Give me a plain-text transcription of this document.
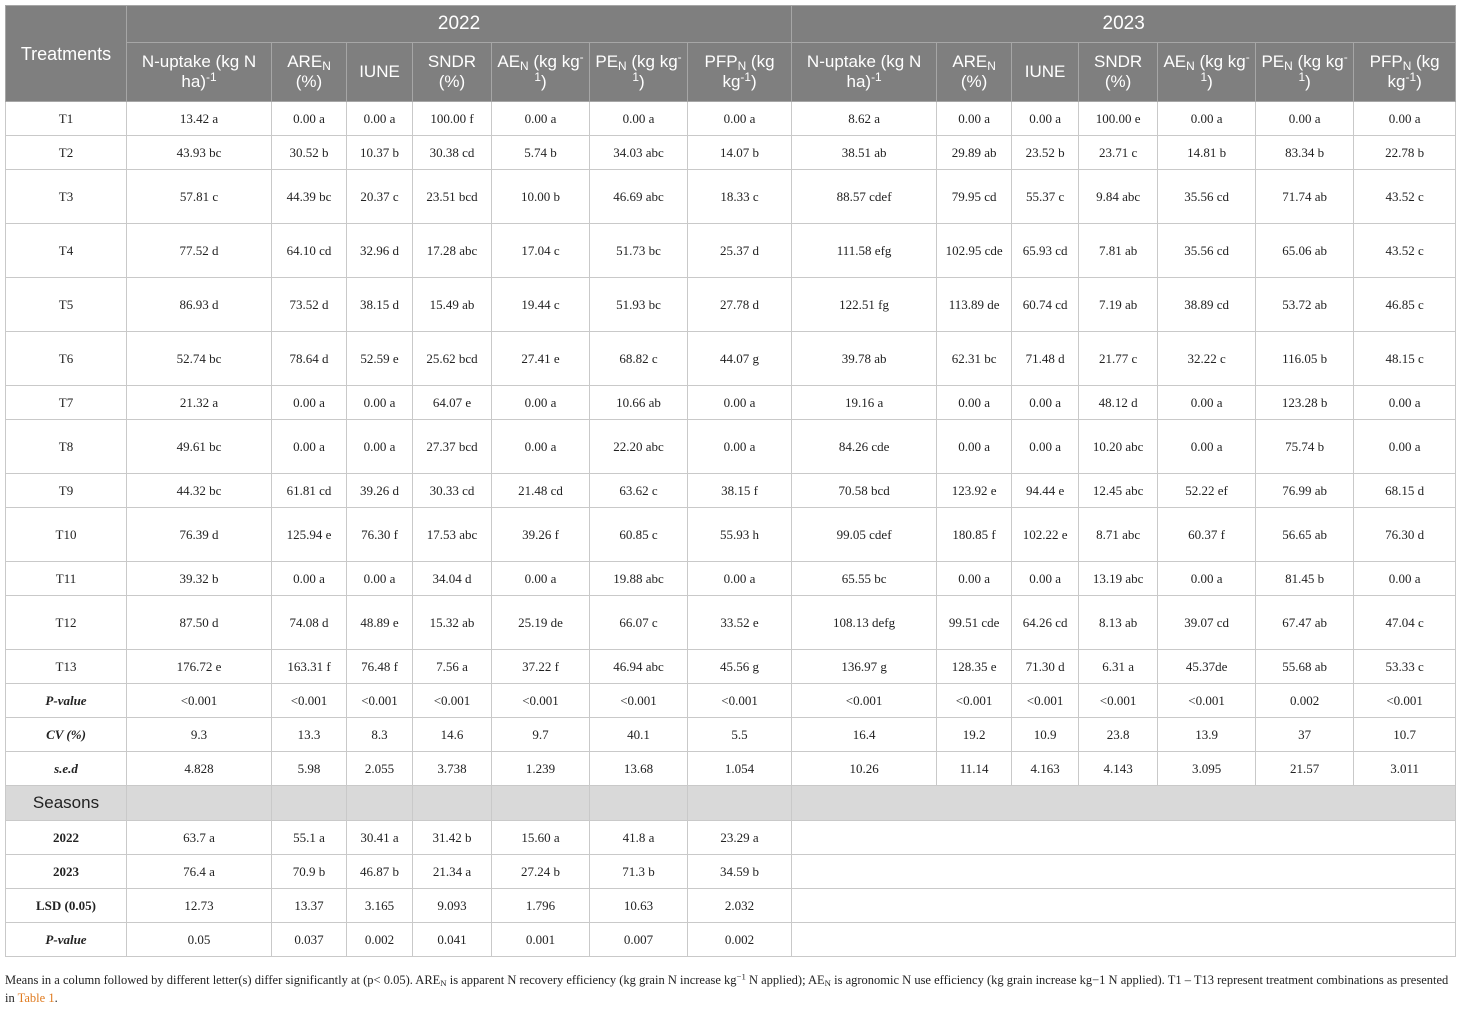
Treatments	2022							2023						
	N-uptake (kg N ha)$^{-1}$	$ARE_N$ (%)	IUNE	SNDR (%)	$AE_N$ (kg $kg^{-1}$)	$PE_N$ (kg $kg^{-1}$)	$PFP_N$ (kg $kg^{-1}$)	N-uptake (kg N ha)$^{-1}$	$ARE_N$ (%)	IUNE	SNDR (%)	$AE_N$ (kg $kg^{-1}$)	$PE_N$ (kg $kg^{-1}$)	$PFP_N$ (kg $kg^{-1}$)
T1	13.42 a	0.00 a	0.00 a	100.00 f	0.00 a	0.00 a	0.00 a	8.62 a	0.00 a	0.00 a	100.00 e	0.00 a	0.00 a	0.00 a
T2	43.93 bc	30.52 b	10.37 b	30.38 cd	5.74 b	34.03 abc	14.07 b	38.51 ab	29.89 ab	23.52 b	23.71 c	14.81 b	83.34 b	22.78 b
T3	57.81 c	44.39 bc	20.37 c	23.51 bcd	10.00 b	46.69 abc	18.33 c	88.57 cdef	79.95 cd	55.37 c	9.84 abc	35.56 cd	71.74 ab	43.52 c
T4	77.52 d	64.10 cd	32.96 d	17.28 abc	17.04 c	51.73 bc	25.37 d	111.58 efg	102.95 cde	65.93 cd	7.81 ab	35.56 cd	65.06 ab	43.52 c
T5	86.93 d	73.52 d	38.15 d	15.49 ab	19.44 c	51.93 bc	27.78 d	122.51 fg	113.89 de	60.74 cd	7.19 ab	38.89 cd	53.72 ab	46.85 c
T6	52.74 bc	78.64 d	52.59 e	25.62 bcd	27.41 e	68.82 c	44.07 g	39.78 ab	62.31 bc	71.48 d	21.77 c	32.22 c	116.05 b	48.15 c
T7	21.32 a	0.00 a	0.00 a	64.07 e	0.00 a	10.66 ab	0.00 a	19.16 a	0.00 a	0.00 a	48.12 d	0.00 a	123.28 b	0.00 a
T8	49.61 bc	0.00 a	0.00 a	27.37 bcd	0.00 a	22.20 abc	0.00 a	84.26 cde	0.00 a	0.00 a	10.20 abc	0.00 a	75.74 b	0.00 a
T9	44.32 bc	61.81 cd	39.26 d	30.33 cd	21.48 cd	63.62 c	38.15 f	70.58 bcd	123.92 e	94.44 e	12.45 abc	52.22 ef	76.99 ab	68.15 d
T10	76.39 d	125.94 e	76.30 f	17.53 abc	39.26 f	60.85 c	55.93 h	99.05 cdef	180.85 f	102.22 e	8.71 abc	60.37 f	56.65 ab	76.30 d
T11	39.32 b	0.00 a	0.00 a	34.04 d	0.00 a	19.88 abc	0.00 a	65.55 bc	0.00 a	0.00 a	13.19 abc	0.00 a	81.45 b	0.00 a
T12	87.50 d	74.08 d	48.89 e	15.32 ab	25.19 de	66.07 c	33.52 e	108.13 defg	99.51 cde	64.26 cd	8.13 ab	39.07 cd	67.47 ab	47.04 c
T13	176.72 e	163.31 f	76.48 f	7.56 a	37.22 f	46.94 abc	45.56 g	136.97 g	128.35 e	71.30 d	6.31 a	45.37de	55.68 ab	53.33 c
P-value	<0.001	<0.001	<0.001	<0.001	<0.001	<0.001	<0.001	<0.001	<0.001	<0.001	<0.001	<0.001	0.002	<0.001
CV (%)	9.3	13.3	8.3	14.6	9.7	40.1	5.5	16.4	19.2	10.9	23.8	13.9	37	10.7
s.e.d	4.828	5.98	2.055	3.738	1.239	13.68	1.054	10.26	11.14	4.163	4.143	3.095	21.57	3.011
Seasons														
2022	63.7 a	55.1 a	30.41 a	31.42 b	15.60 a	41.8 a	23.29 a							
2023	76.4 a	70.9 b	46.87 b	21.34 a	27.24 b	71.3 b	34.59 b							
LSD (0.05)	12.73	13.37	3.165	9.093	1.796	10.63	2.032							
P-value	0.05	0.037	0.002	0.041	0.001	0.007	0.002							
Means in a column followed by different letter(s) differ significantly at (p< 0.05). $ARE_N$ is apparent N recovery efficiency (kg grain N increase $kg^{-1}$ N applied); $AE_N$ is agronomic N use efficiency (kg grain increase kg−1 N applied). T1 – T13 represent treatment combinations as presented in Table 1.
